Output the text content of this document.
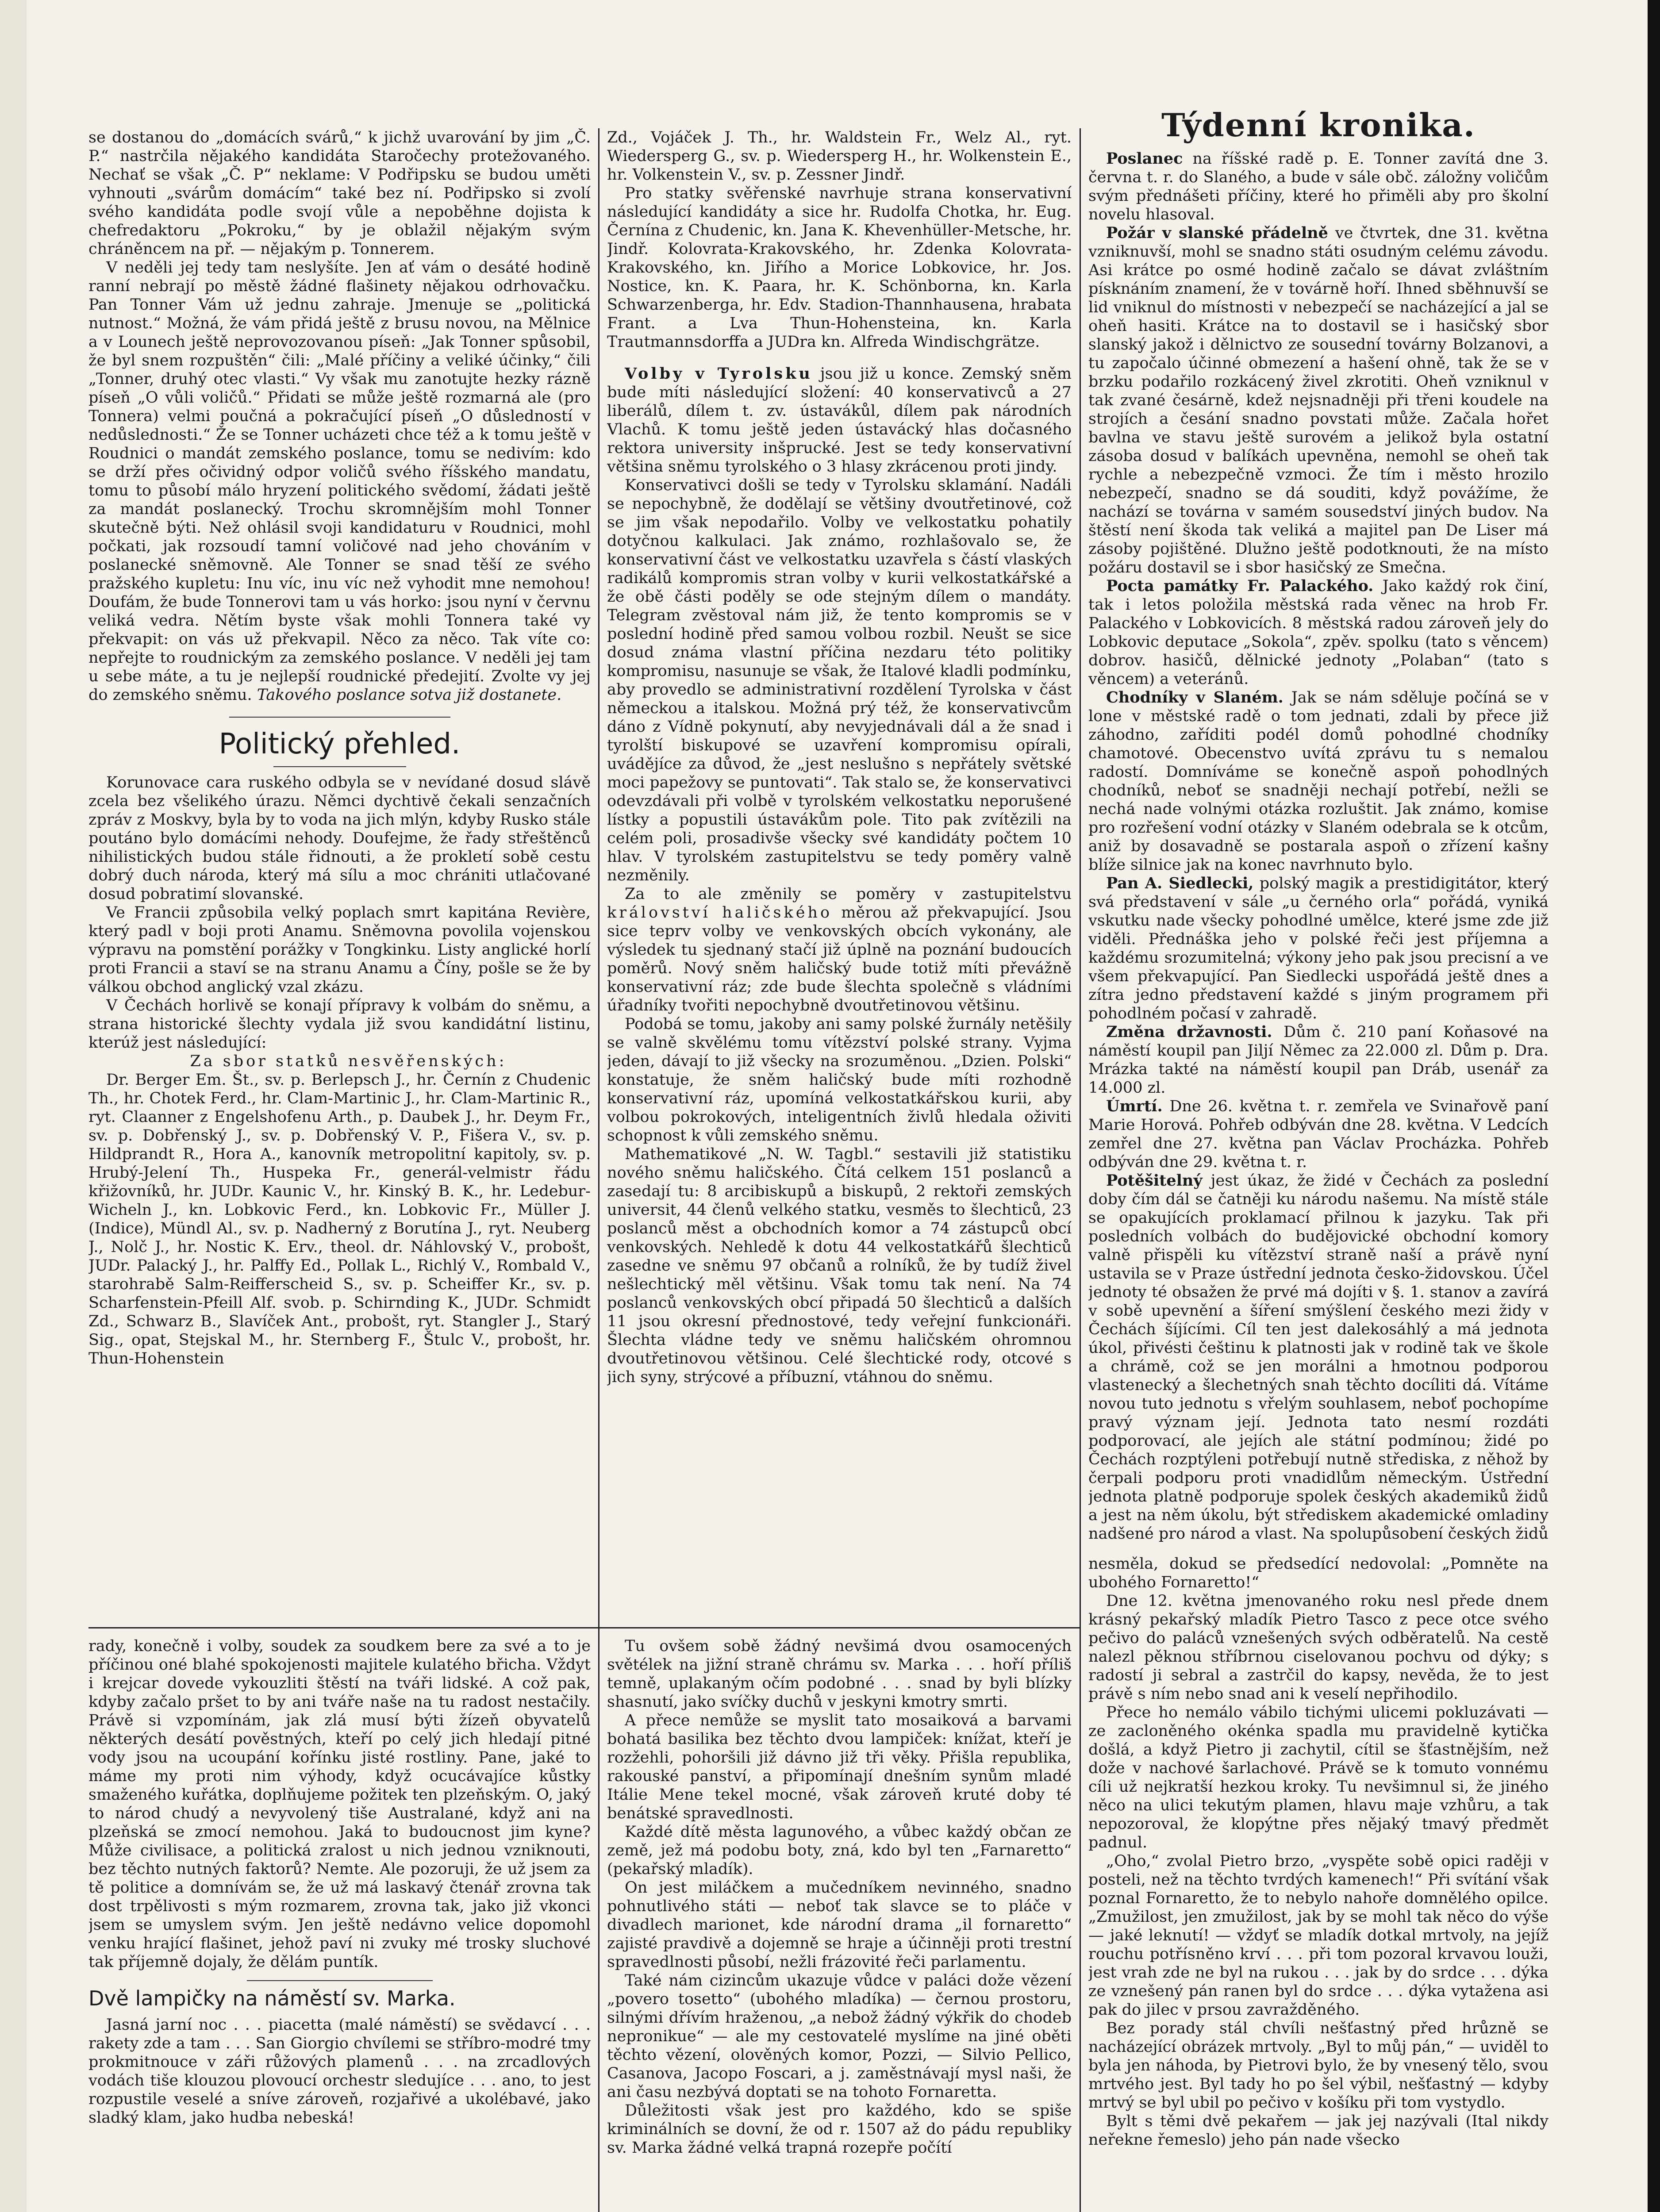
se dostanou do „domácích svárů,“ k jichž uvarování by jim „Č. P.“ nastrčila nějakého kandidáta Staročechy protežovaného. Nechať se však „Č. P“ neklame: V Podřipsku se budou uměti vyhnouti „svárům domácím“ také bez ní. Podřipsko si zvolí svého kandidáta podle svojí vůle a nepoběhne dojista k chefredaktoru „Pokroku,“ by je oblažil nějakým svým chráněncem na př. — nějakým p. Tonnerem.

V neděli jej tedy tam neslyšíte. Jen ať vám o desáté hodině ranní nebrají po městě žádné flašinety nějakou odrhovačku. Pan Tonner Vám už jednu zahraje. Jmenuje se „politická nutnost.“ Možná, že vám přidá ještě z brusu novou, na Mělnice a v Lounech ještě neprovozovanou píseň: „Jak Tonner spůsobil, že byl snem rozpuštěn“ čili: „Malé příčiny a veliké účinky,“ čili „Tonner, druhý otec vlasti.“ Vy však mu zanotujte hezky rázně píseň „O vůli voličů.“ Přidati se může ještě rozmarná ale (pro Tonnera) velmi poučná a pokračující píseň „O důsledností v nedůslednosti.“ Že se Tonner ucházeti chce též a k tomu ještě v Roudnici o mandát zemského poslance, tomu se nedivím: kdo se drží přes očividný odpor voličů svého říšského mandatu, tomu to působí málo hryzení politického svědomí, žádati ještě za mandát poslanecký. Trochu skromnějším mohl Tonner skutečně býti. Než ohlásil svoji kandidaturu v Roudnici, mohl počkati, jak rozsoudí tamní voličové nad jeho chováním v poslanecké sněmovně. Ale Tonner se snad těší ze svého pražského kupletu: Inu víc, inu víc než vyhodit mne nemohou! Doufám, že bude Tonnerovi tam u vás horko: jsou nyní v červnu veliká vedra. Nětím byste však mohli Tonnera také vy překvapit: on vás už překvapil. Něco za něco. Tak víte co: nepřejte to roudnickým za zemského poslance. V neděli jej tam u sebe máte, a tu je nejlepší roudnické předejití. Zvolte vy jej do zemského sněmu. Takového poslance sotva již dostanete.

Politický přehled.

Korunovace cara ruského odbyla se v nevídané dosud slávě zcela bez všelikého úrazu. Němci dychtivě čekali senzačních zpráv z Moskvy, byla by to voda na jich mlýn, kdyby Rusko stále poutáno bylo domácími nehody. Doufejme, že řady střeštěnců nihilistických budou stále řidnouti, a že prokletí sobě cestu dobrý duch národa, který má sílu a moc chrániti utlačované dosud pobratimí slovanské.

Ve Francii způsobila velký poplach smrt kapitána Revière, který padl v boji proti Anamu. Sněmovna povolila vojenskou výpravu na pomstění porážky v Tongkinku. Listy anglické horlí proti Francii a staví se na stranu Anamu a Číny, pošle se že by válkou obchod anglický vzal zkázu.

V Čechách horlivě se konají přípravy k volbám do sněmu, a strana historické šlechty vydala již svou kandidátní listinu, kterúž jest následující:

Za sbor statků nesvěřenských:

Dr. Berger Em. Št., sv. p. Berlepsch J., hr. Černín z Chudenic Th., hr. Chotek Ferd., hr. Clam-Martinic J., hr. Clam-Martinic R., ryt. Claanner z Engelshofenu Arth., p. Daubek J., hr. Deym Fr., sv. p. Dobřenský J., sv. p. Dobřenský V. P., Fišera V., sv. p. Hildprandt R., Hora A., kanovník metropolitní kapitoly, sv. p. Hrubý-Jelení Th., Huspeka Fr., generál-velmistr řádu křižovníků, hr. JUDr. Kaunic V., hr. Kinský B. K., hr. Ledebur-Wicheln J., kn. Lobkovic Ferd., kn. Lobkovic Fr., Müller J. (Indice), Mündl Al., sv. p. Nadherný z Borutína J., ryt. Neuberg J., Nolč J., hr. Nostic K. Erv., theol. dr. Náhlovský V., probošt, JUDr. Palacký J., hr. Palffy Ed., Pollak L., Richlý V., Rombald V., starohrabě Salm-Reifferscheid S., sv. p. Scheiffer Kr., sv. p. Scharfenstein-Pfeill Alf. svob. p. Schirnding K., JUDr. Schmidt Zd., Schwarz B., Slavíček Ant., probošt, ryt. Stangler J., Starý Sig., opat, Stejskal M., hr. Sternberg F., Štulc V., probošt, hr. Thun-Hohenstein

Zd., Vojáček J. Th., hr. Waldstein Fr., Welz Al., ryt. Wiedersperg G., sv. p. Wiedersperg H., hr. Wolkenstein E., hr. Volkenstein V., sv. p. Zessner Jindř.

Pro statky svěřenské navrhuje strana konservativní následující kandidáty a sice hr. Rudolfa Chotka, hr. Eug. Černína z Chudenic, kn. Jana K. Khevenhüller-Metsche, hr. Jindř. Kolovrata-Krakovského, hr. Zdenka Kolovrata-Krakovského, kn. Jiřího a Morice Lobkovice, hr. Jos. Nostice, kn. K. Paara, hr. K. Schönborna, kn. Karla Schwarzenberga, hr. Edv. Stadion-Thannhausena, hrabata Frant. a Lva Thun-Hohensteina, kn. Karla Trautmannsdorffa a JUDra kn. Alfreda Windischgrätze.

Volby v Tyrolsku jsou již u konce. Zemský sněm bude míti následující složení: 40 konservativců a 27 liberálů, dílem t. zv. ústavákůl, dílem pak národních Vlachů. K tomu ještě jeden ústavácký hlas dočasného rektora university inšprucké. Jest se tedy konservativní většina sněmu tyrolského o 3 hlasy zkrácenou proti jindy.

Konservativci došli se tedy v Tyrolsku sklamání. Nadáli se nepochybně, že dodělají se většiny dvoutřetinové, což se jim však nepodařilo. Volby ve velkostatku pohatily dotyčnou kalkulaci. Jak známo, rozhlašovalo se, že konservativní část ve velkostatku uzavřela s částí vlaských radikálů kompromis stran volby v kurii velkostatkářské a že obě části poděly se ode stejným dílem o mandáty. Telegram zvěstoval nám již, že tento kompromis se v poslední hodině před samou volbou rozbil. Neušt se sice dosud známa vlastní příčina nezdaru této politiky kompromisu, nasunuje se však, že Italové kladli podmínku, aby provedlo se administrativní rozdělení Tyrolska v část německou a italskou. Možná prý též, že konservativcům dáno z Vídně pokynutí, aby nevyjednávali dál a že snad i tyrolští biskupové se uzavření kompromisu opírali, uvádějíce za důvod, že „jest neslušno s nepřátely světské moci papežovy se puntovati“. Tak stalo se, že konservativci odevzdávali při volbě v tyrolském velkostatku neporušené lístky a popustili ústavákům pole. Tito pak zvítězili na celém poli, prosadivše všecky své kandidáty počtem 10 hlav. V tyrolském zastupitelstvu se tedy poměry valně nezměnily.

Za to ale změnily se poměry v zastupitelstvu království haličského měrou až překvapující. Jsou sice teprv volby ve venkovských obcích vykonány, ale výsledek tu sjednaný stačí již úplně na poznání budoucích poměrů. Nový sněm haličský bude totiž míti převážně konservativní ráz; zde bude šlechta společně s vládními úřadníky tvořiti nepochybně dvoutřetinovou většinu.

Podobá se tomu, jakoby ani samy polské žurnály netěšily se valně skvělému tomu vítězství polské strany. Vyjma jeden, dávají to již všecky na srozuměnou. „Dzien. Polski“ konstatuje, že sněm haličský bude míti rozhodně konservativní ráz, upomíná velkostatkářskou kurii, aby volbou pokrokových, inteligentních živlů hledala oživiti schopnost k vůli zemského sněmu.

Mathematikové „N. W. Tagbl.“ sestavili již statistiku nového sněmu haličského. Čítá celkem 151 poslanců a zasedají tu: 8 arcibiskupů a biskupů, 2 rektoři zemských universit, 44 členů velkého statku, vesměs to šlechticů, 23 poslanců měst a obchodních komor a 74 zástupců obcí venkovských. Nehledě k dotu 44 velkostatkářů šlechticů zasedne ve sněmu 97 občanů a rolníků, že by tudíž živel nešlechtický měl většinu. Však tomu tak není. Na 74 poslanců venkovských obcí připadá 50 šlechticů a dalších 11 jsou okresní přednostové, tedy veřejní funkcionáři. Šlechta vládne tedy ve sněmu haličském ohromnou dvoutřetinovou většinou. Celé šlechtické rody, otcové s jich syny, strýcové a příbuzní, vtáhnou do sněmu.

Týdenní kronika.

Poslanec na říšské radě p. E. Tonner zavítá dne 3. června t. r. do Slaného, a bude v sále obč. záložny voličům svým přednášeti příčiny, které ho přiměli aby pro školní novelu hlasoval.

Požár v slanské přádelně ve čtvrtek, dne 31. května vzniknuvší, mohl se snadno státi osudným celému závodu. Asi krátce po osmé hodině začalo se dávat zvláštním písknáním znamení, že v továrně hoří. Ihned sběhnuvší se lid vniknul do místnosti v nebezpečí se nacházející a jal se oheň hasiti. Krátce na to dostavil se i hasičský sbor slanský jakož i dělnictvo ze sousední továrny Bolzanovi, a tu započalo účinné obmezení a hašení ohně, tak že se v brzku podařilo rozkácený živel zkrotiti. Oheň vzniknul v tak zvané česárně, kdež nejsnadněji při třeni koudele na strojích a česání snadno povstati může. Začala hořet bavlna ve stavu ještě surovém a jelikož byla ostatní zásoba dosud v balíkách upevněna, nemohl se oheň tak rychle a nebezpečně vzmoci. Že tím i město hrozilo nebezpečí, snadno se dá souditi, když povážíme, že nachází se továrna v samém sousedství jiných budov. Na štěstí není škoda tak veliká a majitel pan De Liser má zásoby pojištěné. Dlužno ještě podotknouti, že na místo požáru dostavil se i sbor hasičský ze Smečna.

Pocta památky Fr. Palackého. Jako každý rok činí, tak i letos položila městská rada věnec na hrob Fr. Palackého v Lobkovicích. 8 městská radou zároveň jely do Lobkovic deputace „Sokola“, zpěv. spolku (tato s věncem) dobrov. hasičů, dělnické jednoty „Polaban“ (tato s věncem) a veteránů.

Chodníky v Slaném. Jak se nám sděluje počíná se v lone v městské radě o tom jednati, zdali by přece již záhodno, zaříditi podél domů pohodlné chodníky chamotové. Obecenstvo uvítá zprávu tu s nemalou radostí. Domníváme se konečně aspoň pohodlných chodníků, neboť se snadněji nechají potřebí, nežli se nechá nade volnými otázka rozluštit. Jak známo, komise pro rozřešení vodní otázky v Slaném odebrala se k otcům, aniž by dosavadně se postarala aspoň o zřízení kašny blíže silnice jak na konec navrhnuto bylo.

Pan A. Siedlecki, polský magik a prestidigitátor, který svá představení v sále „u černého orla“ pořádá, vyniká vskutku nade všecky pohodlné umělce, které jsme zde již viděli. Přednáška jeho v polské řeči jest příjemna a každému srozumitelná; výkony jeho pak jsou precisní a ve všem překvapující. Pan Siedlecki uspořádá ještě dnes a zítra jedno představení každé s jiným programem při pohodlném počasí v zahradě.

Změna državnosti. Dům č. 210 paní Koňasové na náměstí koupil pan Jiljí Němec za 22.000 zl. Dům p. Dra. Mrázka takté na náměstí koupil pan Dráb, usenář za 14.000 zl.

Úmrtí. Dne 26. května t. r. zemřela ve Svinařově paní Marie Horová. Pohřeb odbýván dne 28. května. V Ledcích zemřel dne 27. května pan Václav Procházka. Pohřeb odbýván dne 29. května t. r.

Potěšitelný jest úkaz, že židé v Čechách za poslední doby čím dál se čatněji ku národu našemu. Na místě stále se opakujících proklamací přilnou k jazyku. Tak při posledních volbách do budějovické obchodní komory valně přispěli ku vítězství straně naší a právě nyní ustavila se v Praze ústřední jednota česko-židovskou. Účel jednoty té obsažen že prvé má dojíti v §. 1. stanov a zavírá v sobě upevnění a šíření smýšlení českého mezi židy v Čechách šíjícími. Cíl ten jest dalekosáhlý a má jednota úkol, přivésti češtinu k platnosti jak v rodině tak ve škole a chrámě, což se jen morálni a hmotnou podporou vlastenecký a šlechetných snah těchto docíliti dá. Vítáme novou tuto jednotu s vřelým souhlasem, neboť pochopíme pravý význam její. Jednota tato nesmí rozdáti podporovací, ale jejích ale státní podmínou; židé po Čechách rozptýleni potřebují nutně střediska, z něhož by čerpali podporu proti vnadidlům německým. Ústřední jednota platně podporuje spolek českých akademiků židů a jest na něm úkolu, být střediskem akademické omladiny nadšené pro národ a vlast. Na spolupůsobení českých židů

nesměla, dokud se předsedící nedovolal: „Pomněte na ubohého Fornaretto!“

Dne 12. května jmenovaného roku nesl přede dnem krásný pekařský mladík Pietro Tasco z pece otce svého pečivo do paláců vznešených svých odběratelů. Na cestě nalezl pěknou stříbrnou ciselovanou pochvu od dýky; s radostí ji sebral a zastrčil do kapsy, nevěda, že to jest právě s ním nebo snad ani k veselí nepřihodilo.

Přece ho nemálo vábilo tichými ulicemi pokluzávati — ze zacloněného okénka spadla mu pravidelně kytička došlá, a když Pietro ji zachytil, cítil se šťastnějším, než dože v nachové šarlachové. Právě se k tomuto vonnému cíli už nejkratší hezkou kroky. Tu nevšimnul si, že jiného něco na ulici tekutým plamen, hlavu maje vzhůru, a tak nepozoroval, že klopýtne přes nějaký tmavý předmět padnul.

„Oho,“ zvolal Pietro brzo, „vyspěte sobě opici raději v posteli, než na těchto tvrdých kamenech!“ Při svítání však poznal Fornaretto, že to nebylo nahoře domnělého opilce. „Zmužilost, jen zmužilost, jak by se mohl tak něco do výše — jaké leknutí! — vždyť se mladík dotkal mrtvoly, na jejíž rouchu potřísněno krví . . . při tom pozoral krvavou louži, jest vrah zde ne byl na rukou . . . jak by do srdce . . . dýka ze vznešený pán ranen byl do srdce . . . dýka vytažena asi pak do jilec v prsou zavražděného.

Bez porady stál chvíli nešťastný před hrůzně se nacházející obrázek mrtvoly. „Byl to můj pán,“ — uviděl to byla jen náhoda, by Pietrovi bylo, že by vnesený tělo, svou mrtvého jest. Byl tady ho po šel výbil, nešťastný — kdyby mrtvý se byl ubil po pečivo v košíku při tom vystydlo.

Bylt s těmi dvě pekařem — jak jej nazývali (Ital nikdy neřekne řemeslo) jeho pán nade všecko

rady, konečně i volby, soudek za soudkem bere za své a to je příčinou oné blahé spokojenosti majitele kulatého břicha. Vždyt i krejcar dovede vykouzliti štěstí na tváři lidské. A což pak, kdyby začalo pršet to by ani tváře naše na tu radost nestačily. Právě si vzpomínám, jak zlá musí býti žízeň obyvatelů některých desátí pověstných, kteří po celý jich hledají pitné vody jsou na ucoupání kořínku jisté rostliny. Pane, jaké to máme my proti nim výhody, když ocucávajíce kůstky smaženého kuřátka, doplňujeme požitek ten plzeňským. O, jaký to národ chudý a nevyvolený tiše Australané, když ani na plzeňská se zmocí nemohou. Jaká to budoucnost jim kyne? Může civilisace, a politická zralost u nich jednou vzniknouti, bez těchto nutných faktorů? Nemte. Ale pozoruji, že už jsem za tě politice a domnívám se, že už má laskavý čtenář zrovna tak dost trpělivosti s mým rozmarem, zrovna tak, jako již vkonci jsem se umyslem svým. Jen ještě nedávno velice dopomohl venku hrající flašinet, jehož paví ni zvuky mé trosky sluchové tak příjemně dojaly, že dělám puntík.

Dvě lampičky na náměstí sv. Marka.

Jasná jarní noc . . . piacetta (malé náměstí) se svědavcí . . . rakety zde a tam . . . San Giorgio chvílemi se stříbro-modré tmy prokmitnouce v záři růžových plamenů . . . na zrcadlových vodách tiše klouzou plovoucí orchestr sledujíce . . . ano, to jest rozpustile veselé a sníve zároveň, rozjařivé a ukolébavé, jako sladký klam, jako hudba nebeská!

Tu ovšem sobě žádný nevšimá dvou osamocených světélek na jižní straně chrámu sv. Marka . . . hoří příliš temně, uplakaným očím podobné . . . snad by byli blízky shasnutí, jako svíčky duchů v jeskyni kmotry smrti.

A přece nemůže se myslit tato mosaiková a barvami bohatá basilika bez těchto dvou lampiček: knížat, kteří je rozžehli, pohoršili již dávno již tři věky. Přišla republika, rakouské panství, a připomínají dnešním synům mladé Itálie Mene tekel mocné, však zároveň kruté doby té benátské spravedlnosti.

Každé dítě města lagunového, a vůbec každý občan ze země, jež má podobu boty, zná, kdo byl ten „Farnaretto“ (pekařský mladík).

On jest miláčkem a mučedníkem nevinného, snadno pohnutlivého státi — neboť tak slavce se to pláče v divadlech marionet, kde národní drama „il fornaretto“ zajisté pravdivě a dojemně se hraje a účinněji proti trestní spravedlnosti působí, nežli frázovité řeči parlamentu.

Také nám cizincům ukazuje vůdce v paláci dože vězení „povero tosetto“ (ubohého mladíka) — černou prostoru, silnými dřívím hraženou, „a nebož žádný výkřik do chodeb nepronikue“ — ale my cestovatelé myslíme na jiné oběti těchto vězení, olověných komor, Pozzi, — Silvio Pellico, Casanova, Jacopo Foscari, a j. zaměstnávají mysl naši, že ani času nezbývá doptati se na tohoto Fornaretta.

Důležitosti však jest pro každého, kdo se spiše kriminálních se dovní, že od r. 1507 až do pádu republiky sv. Marka žádné velká trapná rozepře počítí
